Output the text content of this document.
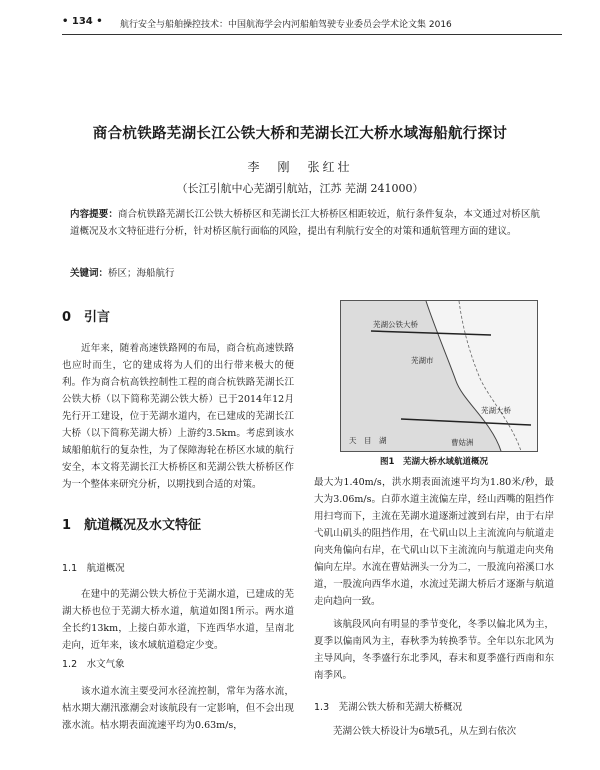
• 134 • 航行安全与船舶操控技术：中国航海学会内河船舶驾驶专业委员会学术论文集 2016
商合杭铁路芜湖长江公铁大桥和芜湖长江大桥水域海船航行探讨
李　刚　张红壮
（长江引航中心芜湖引航站，江苏 芜湖 241000）
内容提要：商合杭铁路芜湖长江公铁大桥桥区和芜湖长江大桥桥区相距较近，航行条件复杂，本文通过对桥区航道概况及水文特征进行分析，针对桥区航行面临的风险，提出有利航行安全的对策和通航管理方面的建议。
关键词：桥区；海船航行
0　引言

近年来，随着高速铁路网的布局，商合杭高速铁路也应时而生，它的建成将为人们的出行带来极大的便利。作为商合杭高铁控制性工程的商合杭铁路芜湖长江公铁大桥（以下简称芜湖公铁大桥）已于2014年12月先行开工建设，位于芜湖水道内，在已建成的芜湖长江大桥（以下简称芜湖大桥）上游约3.5km。考虑到该水域船舶航行的复杂性，为了保障海轮在桥区水域的航行安全，本文将芜湖长江大桥桥区和芜湖公铁大桥桥区作为一个整体来研究分析，以期找到合适的对策。

1　航道概况及水文特征
1.1　航道概况

在建中的芜湖公铁大桥位于芜湖水道，已建成的芜湖大桥也位于芜湖大桥水道，航道如图1所示。两水道全长约13km，上接白茆水道，下连西华水道，呈南北走向，近年来，该水域航道稳定少变。

1.2　水文气象

该水道水流主要受河水径流控制，常年为落水流，枯水期大潮汛涨潮会对该航段有一定影响，但不会出现涨水流。枯水期表面流速平均为0.63m/s，

芜湖公铁大桥
芜湖市
芜湖大桥
天　目　湖	曹姑洲
图1　芜湖大桥水域航道概况

最大为1.40m/s，洪水期表面流速平均为1.80米/秒，最大为3.06m/s。白茆水道主流偏左岸，经山西嘴的阻挡作用扫弯而下，主流在芜湖水道逐渐过渡到右岸，由于右岸弋矶山矶头的阻挡作用，在弋矶山以上主流流向与航道走向夹角偏向右岸，在弋矶山以下主流流向与航道走向夹角偏向左岸。水流在曹姑洲头一分为二，一股流向裕溪口水道，一股流向西华水道，水流过芜湖大桥后才逐渐与航道走向趋向一致。

该航段风向有明显的季节变化，冬季以偏北风为主，夏季以偏南风为主，春秋季为转换季节。全年以东北风为主导风向，冬季盛行东北季风，春末和夏季盛行西南和东南季风。

1.3　芜湖公铁大桥和芜湖大桥概况

芜湖公铁大桥设计为6墩5孔，从左到右依次
